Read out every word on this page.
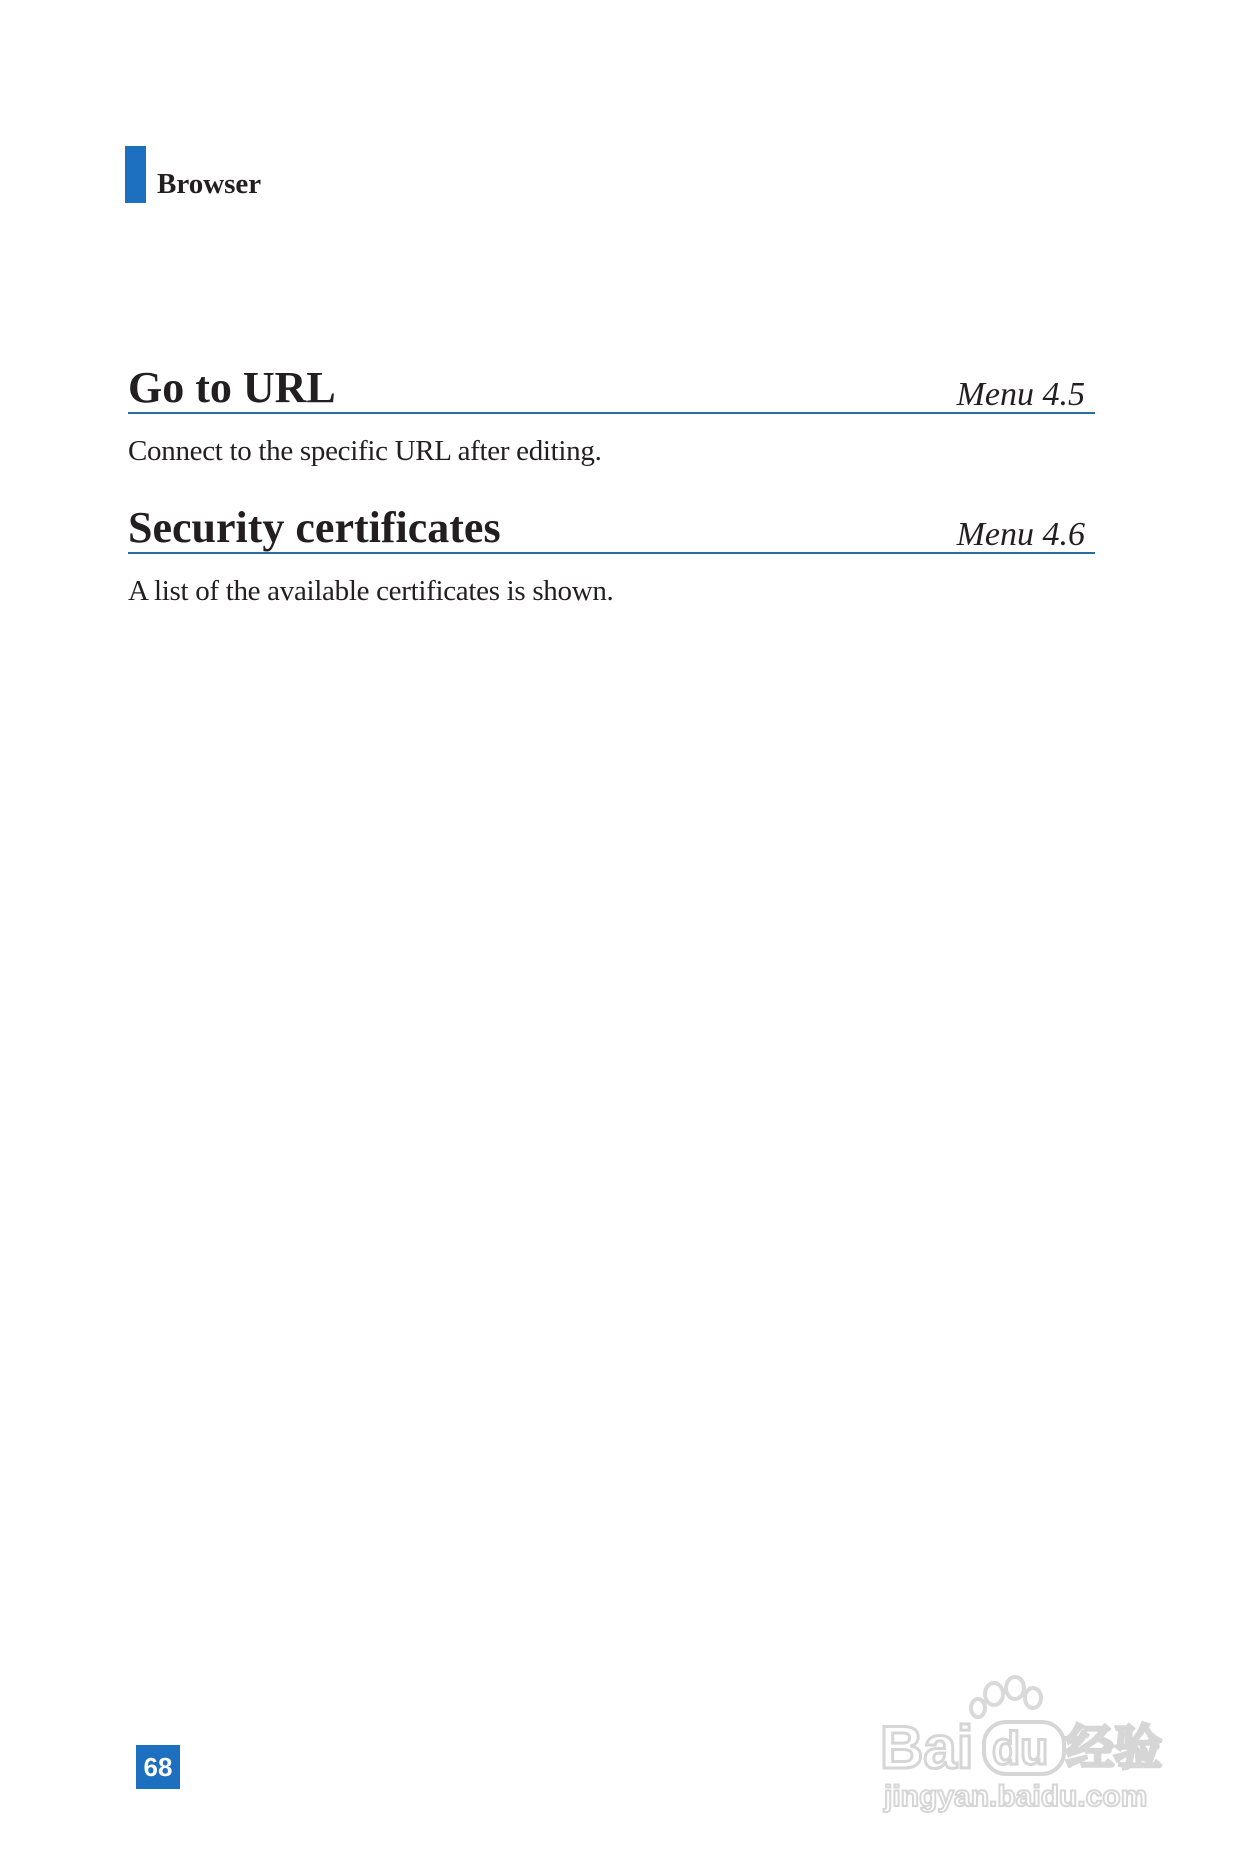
Browser
Go to URL	Menu 4.5
Connect to the specific URL after editing.
Security certificates	Menu 4.6
A list of the available certificates is shown.
68	Bai du 经验
jingyan.baidu.com
